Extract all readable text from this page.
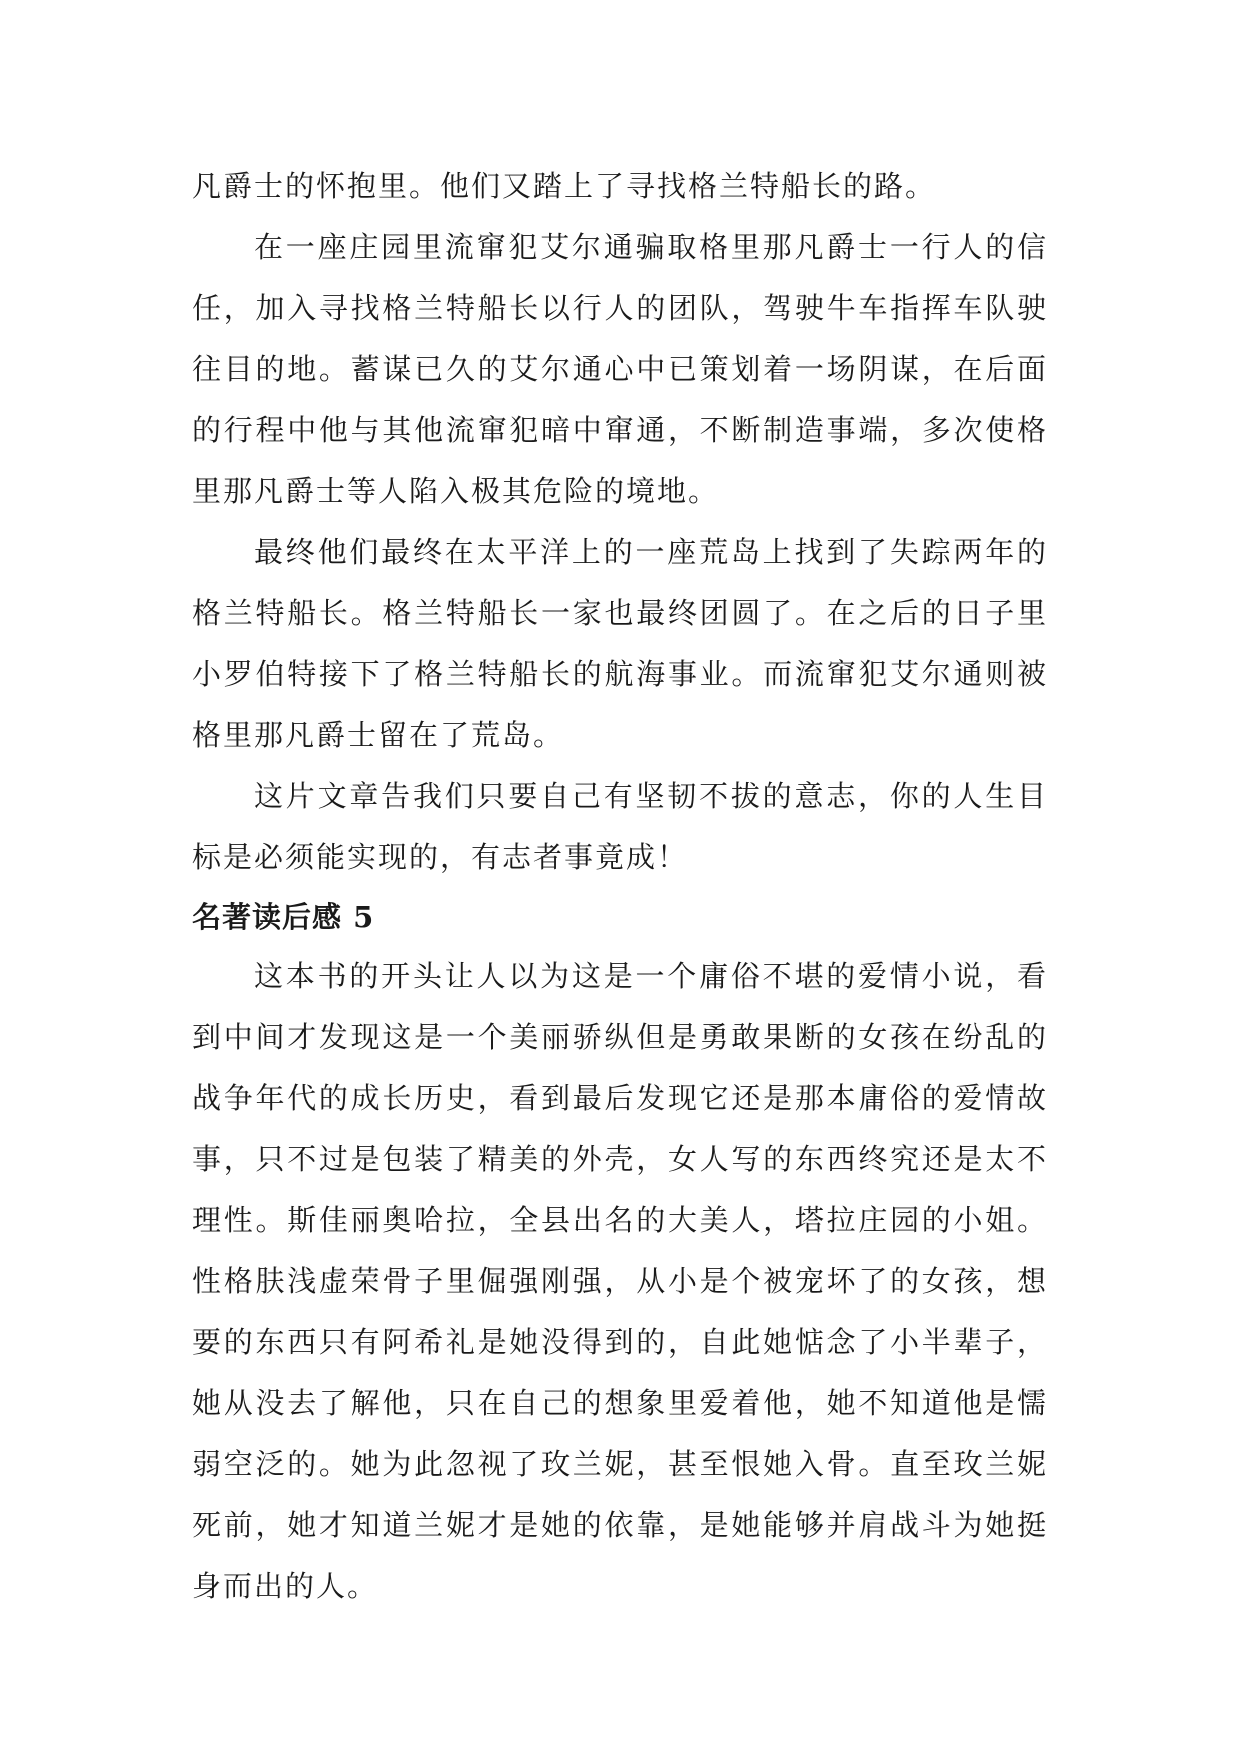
凡爵士的怀抱里。他们又踏上了寻找格兰特船长的路。

在一座庄园里流窜犯艾尔通骗取格里那凡爵士一行人的信任，加入寻找格兰特船长以行人的团队，驾驶牛车指挥车队驶往目的地。蓄谋已久的艾尔通心中已策划着一场阴谋，在后面的行程中他与其他流窜犯暗中窜通，不断制造事端，多次使格里那凡爵士等人陷入极其危险的境地。

最终他们最终在太平洋上的一座荒岛上找到了失踪两年的格兰特船长。格兰特船长一家也最终团圆了。在之后的日子里小罗伯特接下了格兰特船长的航海事业。而流窜犯艾尔通则被格里那凡爵士留在了荒岛。

这片文章告我们只要自己有坚韧不拔的意志，你的人生目标是必须能实现的，有志者事竟成！

名著读后感 5

这本书的开头让人以为这是一个庸俗不堪的爱情小说，看到中间才发现这是一个美丽骄纵但是勇敢果断的女孩在纷乱的战争年代的成长历史，看到最后发现它还是那本庸俗的爱情故事，只不过是包装了精美的外壳，女人写的东西终究还是太不理性。斯佳丽奥哈拉，全县出名的大美人，塔拉庄园的小姐。性格肤浅虚荣骨子里倔强刚强，从小是个被宠坏了的女孩，想要的东西只有阿希礼是她没得到的，自此她惦念了小半辈子，她从没去了解他，只在自己的想象里爱着他，她不知道他是懦弱空泛的。她为此忽视了玫兰妮，甚至恨她入骨。直至玫兰妮死前，她才知道兰妮才是她的依靠，是她能够并肩战斗为她挺身而出的人。
